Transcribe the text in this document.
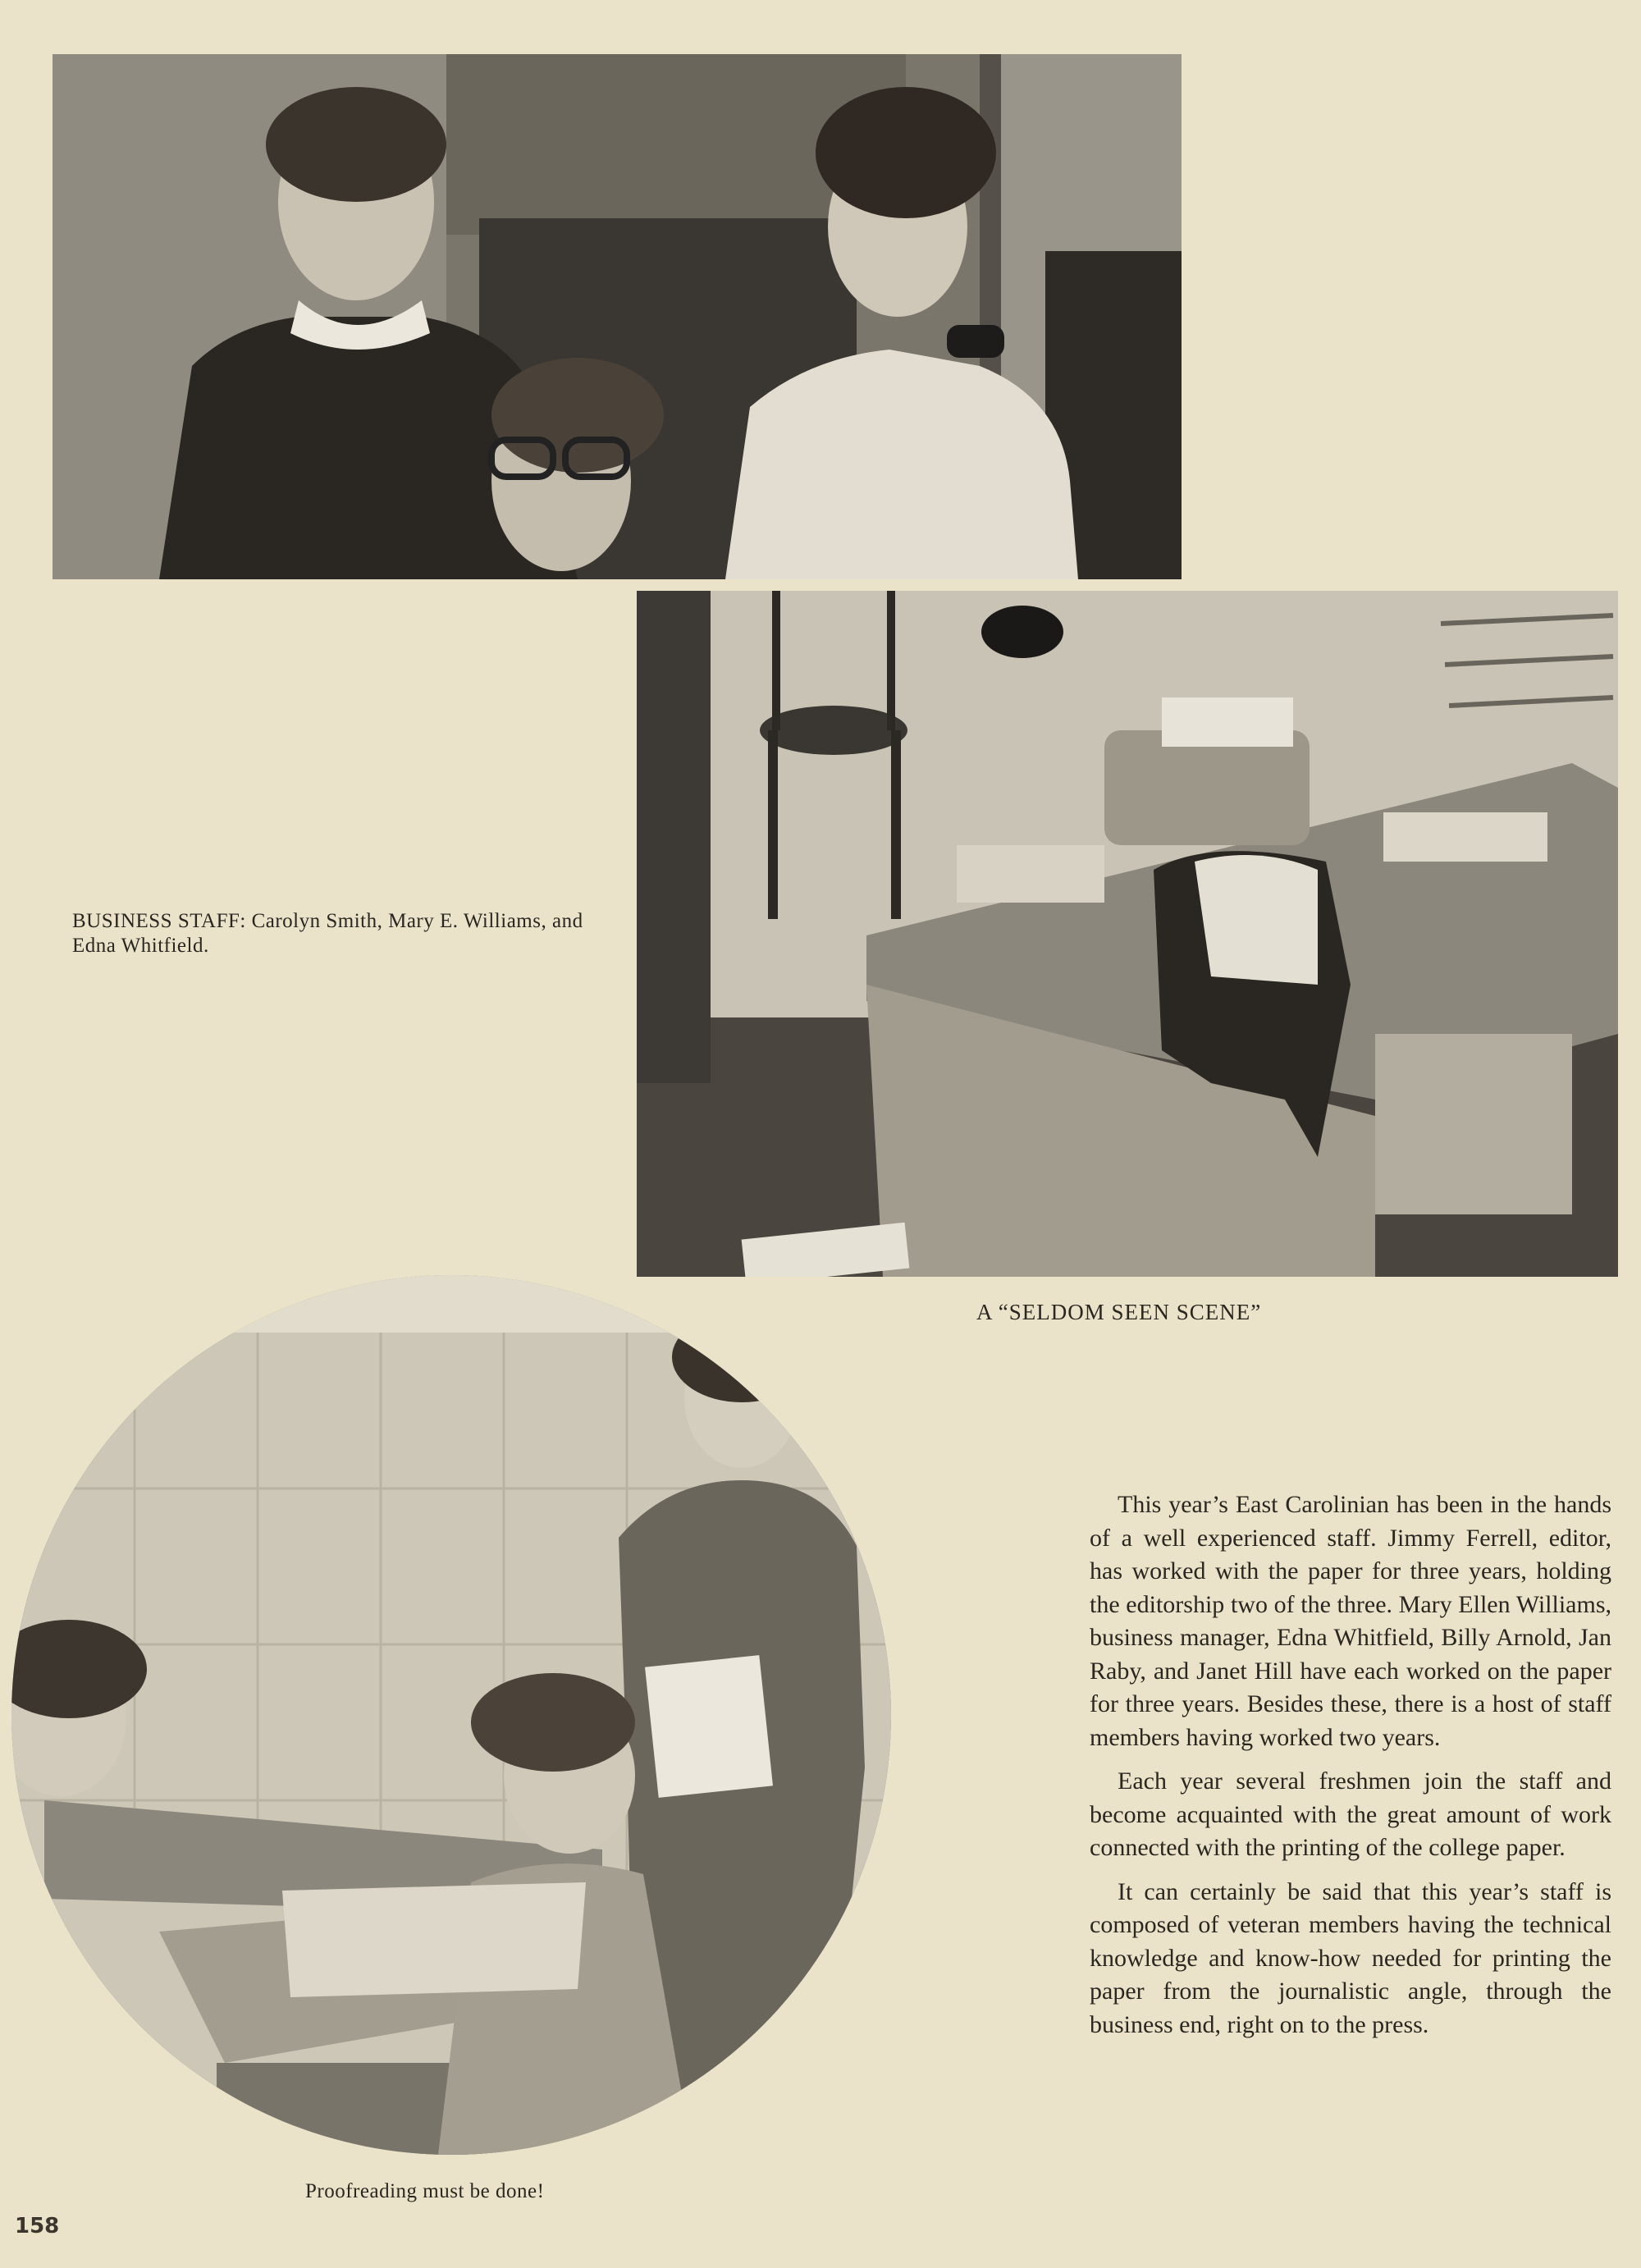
BUSINESS STAFF: Carolyn Smith, Mary E. Williams, and Edna Whitfield.
A “SELDOM SEEN SCENE”
Proofreading must be done!

This year’s East Carolinian has been in the hands of a well experienced staff. Jimmy Ferrell, editor, has worked with the paper for three years, holding the editorship two of the three. Mary Ellen Williams, business manager, Edna Whitfield, Billy Arnold, Jan Raby, and Janet Hill have each worked on the paper for three years. Besides these, there is a host of staff members having worked two years.

Each year several freshmen join the staff and become acquainted with the great amount of work connected with the printing of the college paper.

It can certainly be said that this year’s staff is composed of veteran members having the technical knowledge and know-how needed for printing the paper from the journalistic angle, through the business end, right on to the press.

158
